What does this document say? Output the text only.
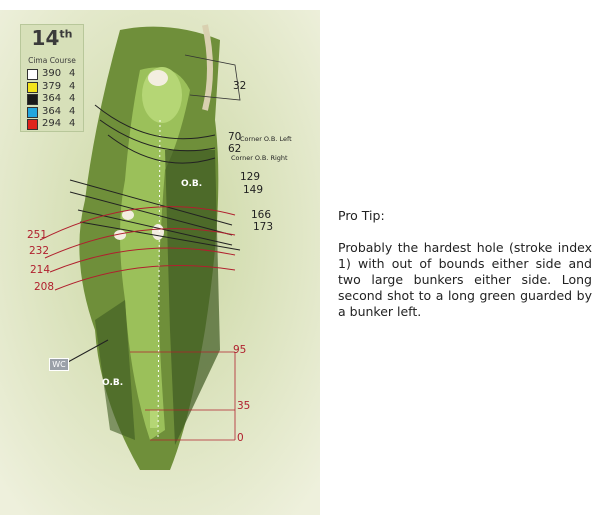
14th
Cima Course
390 4
379 4
364 4
364 4
294 4
32
70
Corner O.B. Left
62
Corner O.B. Right
129
149
166
173
251
232
214
208
95
35
0
O.B.
O.B.
WC
Pro Tip:
Probably the hardest hole (stroke index 1) with out of bounds either side and two large bunkers either side. Long second shot to a long green guarded by a bunker left.
